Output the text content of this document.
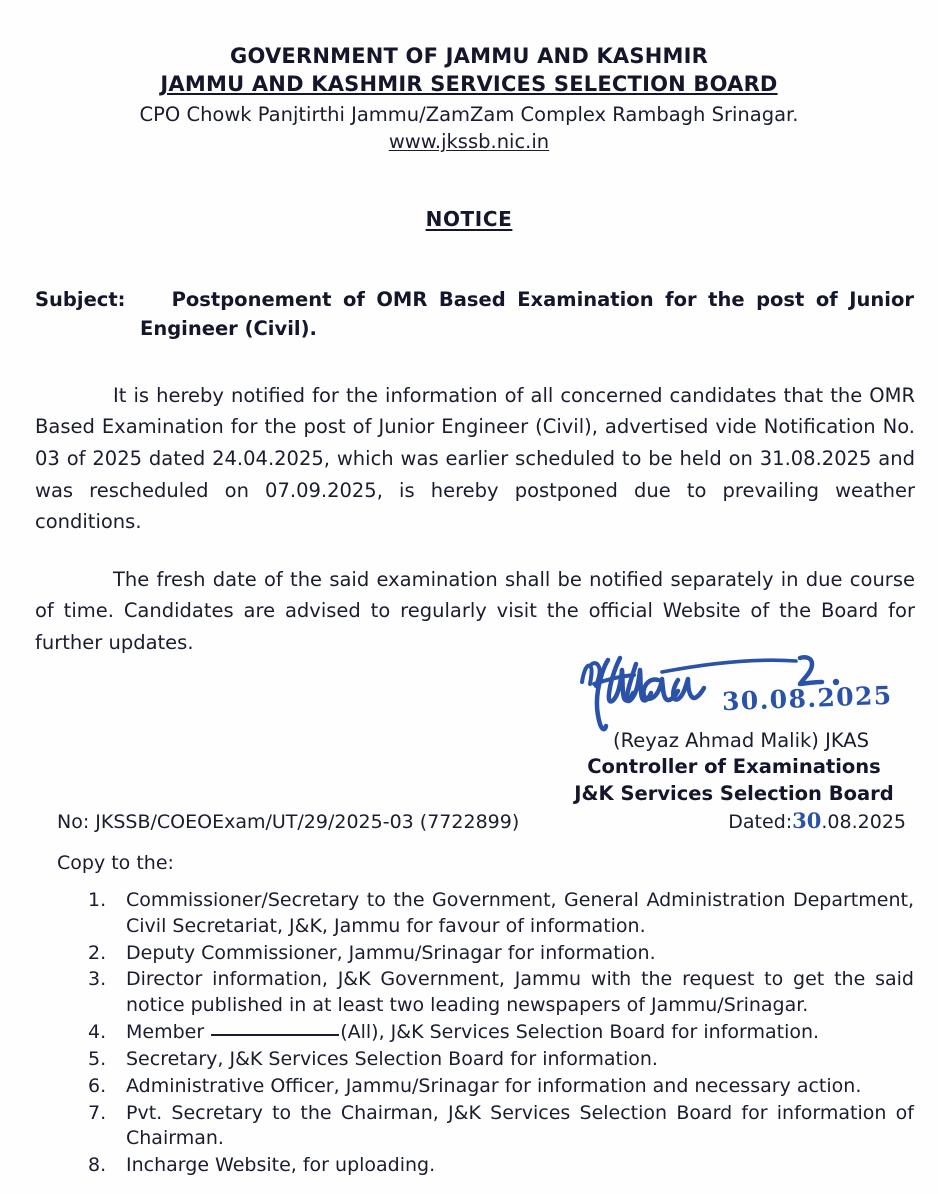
GOVERNMENT OF JAMMU AND KASHMIR
JAMMU AND KASHMIR SERVICES SELECTION BOARD
CPO Chowk Panjtirthi Jammu/ZamZam Complex Rambagh Srinagar.
www.jkssb.nic.in
NOTICE
Subject: Postponement of OMR Based Examination for the post of Junior Engineer (Civil).

It is hereby notified for the information of all concerned candidates that the OMR Based Examination for the post of Junior Engineer (Civil), advertised vide Notification No. 03 of 2025 dated 24.04.2025, which was earlier scheduled to be held on 31.08.2025 and was rescheduled on 07.09.2025, is hereby postponed due to prevailing weather conditions.

The fresh date of the said examination shall be notified separately in due course of time. Candidates are advised to regularly visit the official Website of the Board for further updates.

30.08.2025
(Reyaz Ahmad Malik) JKAS
Controller of Examinations
J&K Services Selection Board
No: JKSSB/COEOExam/UT/29/2025-03 (7722899)	Dated:30.08.2025
Copy to the:
1.	Commissioner/Secretary to the Government, General Administration Department, Civil Secretariat, J&K, Jammu for favour of information.
2.	Deputy Commissioner, Jammu/Srinagar for information.
3.	Director information, J&K Government, Jammu with the request to get the said notice published in at least two leading newspapers of Jammu/Srinagar.
4.	Member	(All), J&K Services Selection Board for information.
5.	Secretary, J&K Services Selection Board for information.
6.	Administrative Officer, Jammu/Srinagar for information and necessary action.
7.	Pvt. Secretary to the Chairman, J&K Services Selection Board for information of Chairman.
8.	Incharge Website, for uploading.
